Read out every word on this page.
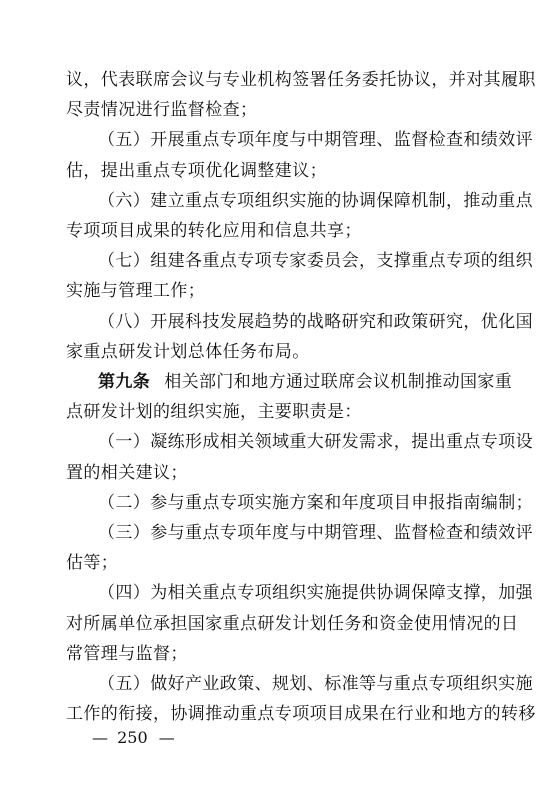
议，代表联席会议与专业机构签署任务委托协议，并对其履职
尽责情况进行监督检查；
（五）开展重点专项年度与中期管理、监督检查和绩效评
估，提出重点专项优化调整建议；
（六）建立重点专项组织实施的协调保障机制，推动重点
专项项目成果的转化应用和信息共享；
（七）组建各重点专项专家委员会，支撑重点专项的组织
实施与管理工作；
（八）开展科技发展趋势的战略研究和政策研究，优化国
家重点研发计划总体任务布局。
第九条 相关部门和地方通过联席会议机制推动国家重
点研发计划的组织实施，主要职责是：
（一）凝练形成相关领域重大研发需求，提出重点专项设
置的相关建议；
（二）参与重点专项实施方案和年度项目申报指南编制；
（三）参与重点专项年度与中期管理、监督检查和绩效评
估等；
（四）为相关重点专项组织实施提供协调保障支撑，加强
对所属单位承担国家重点研发计划任务和资金使用情况的日
常管理与监督；
（五）做好产业政策、规划、标准等与重点专项组织实施
工作的衔接，协调推动重点专项项目成果在行业和地方的转移
— 250 —
